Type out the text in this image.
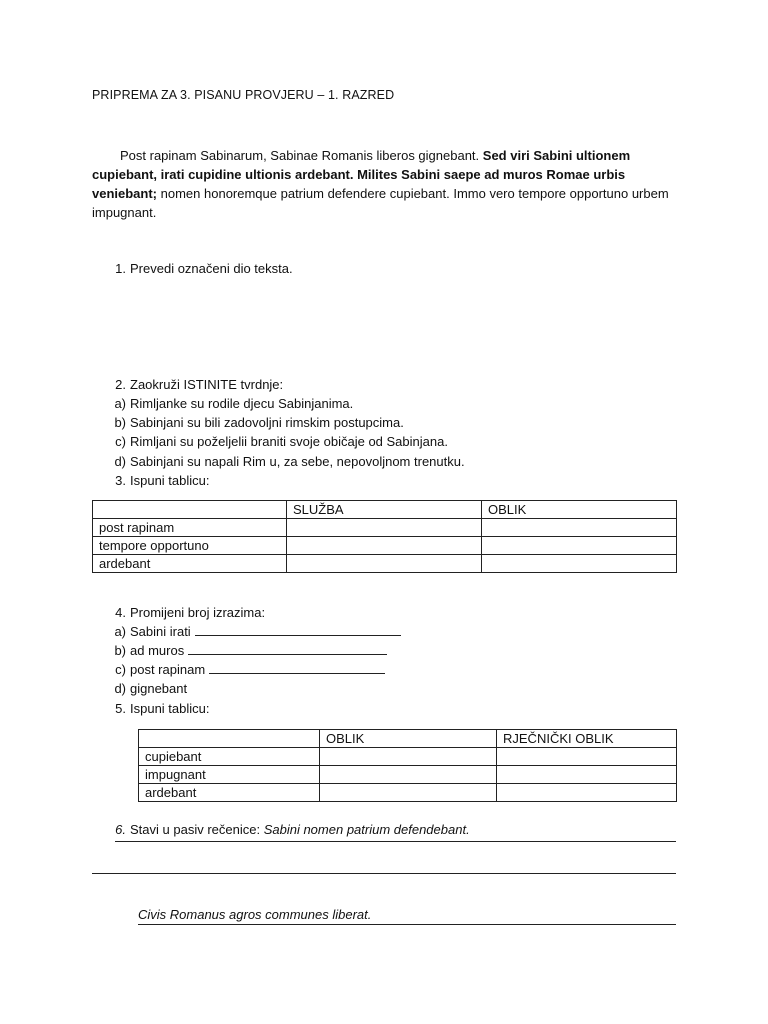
PRIPREMA ZA 3. PISANU PROVJERU – 1. RAZRED
Post rapinam Sabinarum, Sabinae Romanis liberos gignebant. Sed viri Sabini ultionem cupiebant, irati cupidine ultionis ardebant. Milites Sabini saepe ad muros Romae urbis veniebant; nomen honoremque patrium defendere cupiebant. Immo vero tempore opportuno urbem impugnant.
1. Prevedi označeni dio teksta.
2. Zaokruži ISTINITE tvrdnje:
a) Rimljanke su rodile djecu Sabinjanima.
b) Sabinjani su bili zadovoljni rimskim postupcima.
c) Rimljani su poželjelii braniti svoje običaje od Sabinjana.
d) Sabinjani su napali Rim u, za sebe, nepovoljnom trenutku.
3. Ispuni tablicu:
	SLUŽBA	OBLIK
post rapinam		
tempore opportuno		
ardebant		
4. Promijeni broj izrazima:
a) Sabini irati
b) ad muros
c) post rapinam
d) gignebant
5. Ispuni tablicu:
	OBLIK	RJEČNIČKI OBLIK
cupiebant		
impugnant		
ardebant		
6. Stavi u pasiv rečenice: Sabini nomen patrium defendebant.
Civis Romanus agros communes liberat.
